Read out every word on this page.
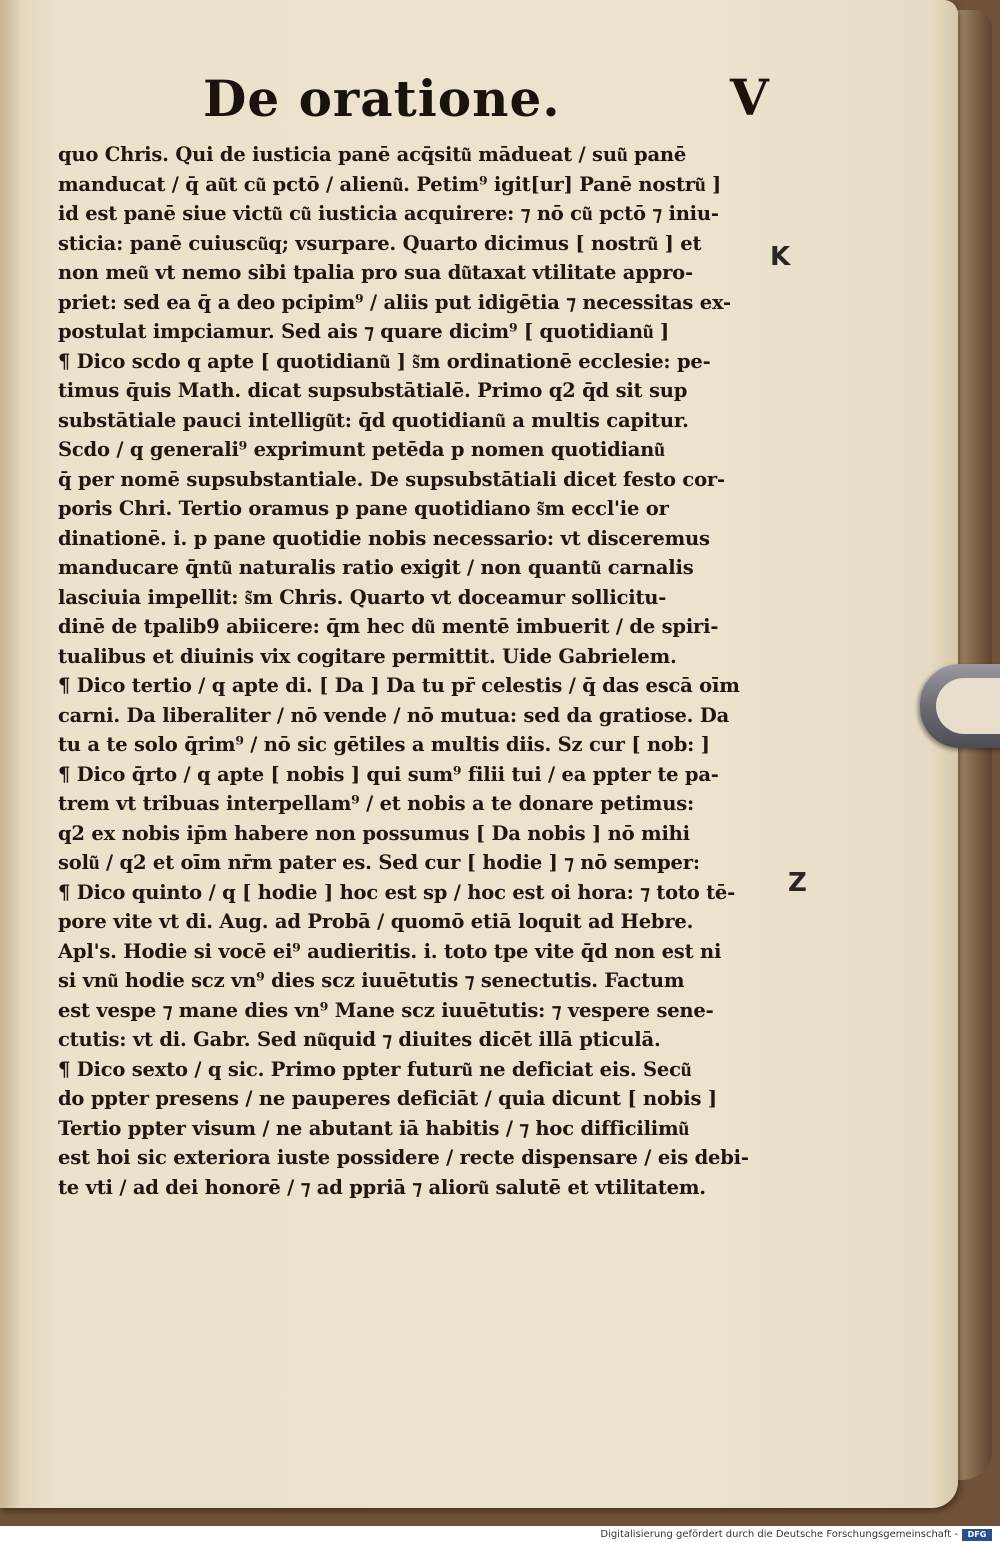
De oratione.	V
quo Chris. Qui de iusticia panē acq̄situ͂ mādueat / suu͂ panē
manducat / q̄ au͂t cu͂ pctō / alienu͂. Petim⁹ igit[ur] Panē nostru͂ ]
id est panē siue victu͂ cu͂ iusticia acquirere: ⁊ nō cu͂ pctō ⁊ iniu-
sticia: panē cuiuscu͂q; vsurpare. Quarto dicimus [ nostru͂ ] et
non meu͂ vt nemo sibi tpalia pro sua du͂taxat vtilitate appro-
priet: sed ea q̄ a deo pcipim⁹ / aliis put idigētia ⁊ necessitas ex-
postulat impciamur. Sed ais ⁊ quare dicim⁹ [ quotidianu͂ ]
¶ Dico scdo q apte [ quotidianu͂ ] s͂m ordinationē ecclesie: pe-
timus q̄uis Math. dicat supsubstātialē. Primo q2 q̄d sit sup
substātiale pauci intelligu͂t: q̄d quotidianu͂ a multis capitur.
Scdo / q generali⁹ exprimunt petēda p nomen quotidianu͂
q̄ per nomē supsubstantiale. De supsubstātiali dicet festo cor-
poris Chri. Tertio oramus p pane quotidiano s͂m eccl'ie or
dinationē. i. p pane quotidie nobis necessario: vt disceremus
manducare q̄ntu͂ naturalis ratio exigit / non quantu͂ carnalis
lasciuia impellit: s͂m Chris. Quarto vt doceamur sollicitu-
dinē de tpalib9 abiicere: q̄m hec du͂ mentē imbuerit / de spiri-
tualibus et diuinis vix cogitare permittit. Uide Gabrielem.
¶ Dico tertio / q apte di. [ Da ] Da tu pr̄ celestis / q̄ das escā oīm
carni. Da liberaliter / nō vende / nō mutua: sed da gratiose. Da
tu a te solo q̄rim⁹ / nō sic gētiles a multis diis. Sz cur [ nob: ]
¶ Dico q̄rto / q apte [ nobis ] qui sum⁹ filii tui / ea ppter te pa-
trem vt tribuas interpellam⁹ / et nobis a te donare petimus:
q2 ex nobis ip̄m habere non possumus [ Da nobis ] nō mihi
solu͂ / q2 et oīm nr̄m pater es. Sed cur [ hodie ] ⁊ nō semper:
¶ Dico quinto / q [ hodie ] hoc est sp / hoc est oi hora: ⁊ toto tē-
pore vite vt di. Aug. ad Probā / quomō etiā loquit ad Hebre.
Apl's. Hodie si vocē ei⁹ audieritis. i. toto tpe vite q̄d non est ni
si vnu͂ hodie scz vn⁹ dies scz iuuētutis ⁊ senectutis. Factum
est vespe ⁊ mane dies vn⁹ Mane scz iuuētutis: ⁊ vespere sene-
ctutis: vt di. Gabr. Sed nu͂quid ⁊ diuites dicēt illā pticulā.
¶ Dico sexto / q sic. Primo ppter futuru͂ ne deficiat eis. Secu͂
do ppter presens / ne pauperes deficiāt / quia dicunt [ nobis ]
Tertio ppter visum / ne abutant iā habitis / ⁊ hoc difficilimu͂
est hoi sic exteriora iuste possidere / recte dispensare / eis debi-
te vti / ad dei honorē / ⁊ ad ppriā ⁊ alioru͂ salutē et vtilitatem.
K
Z
Digitalisierung gefördert durch die Deutsche Forschungsgemeinschaft -	DFG
